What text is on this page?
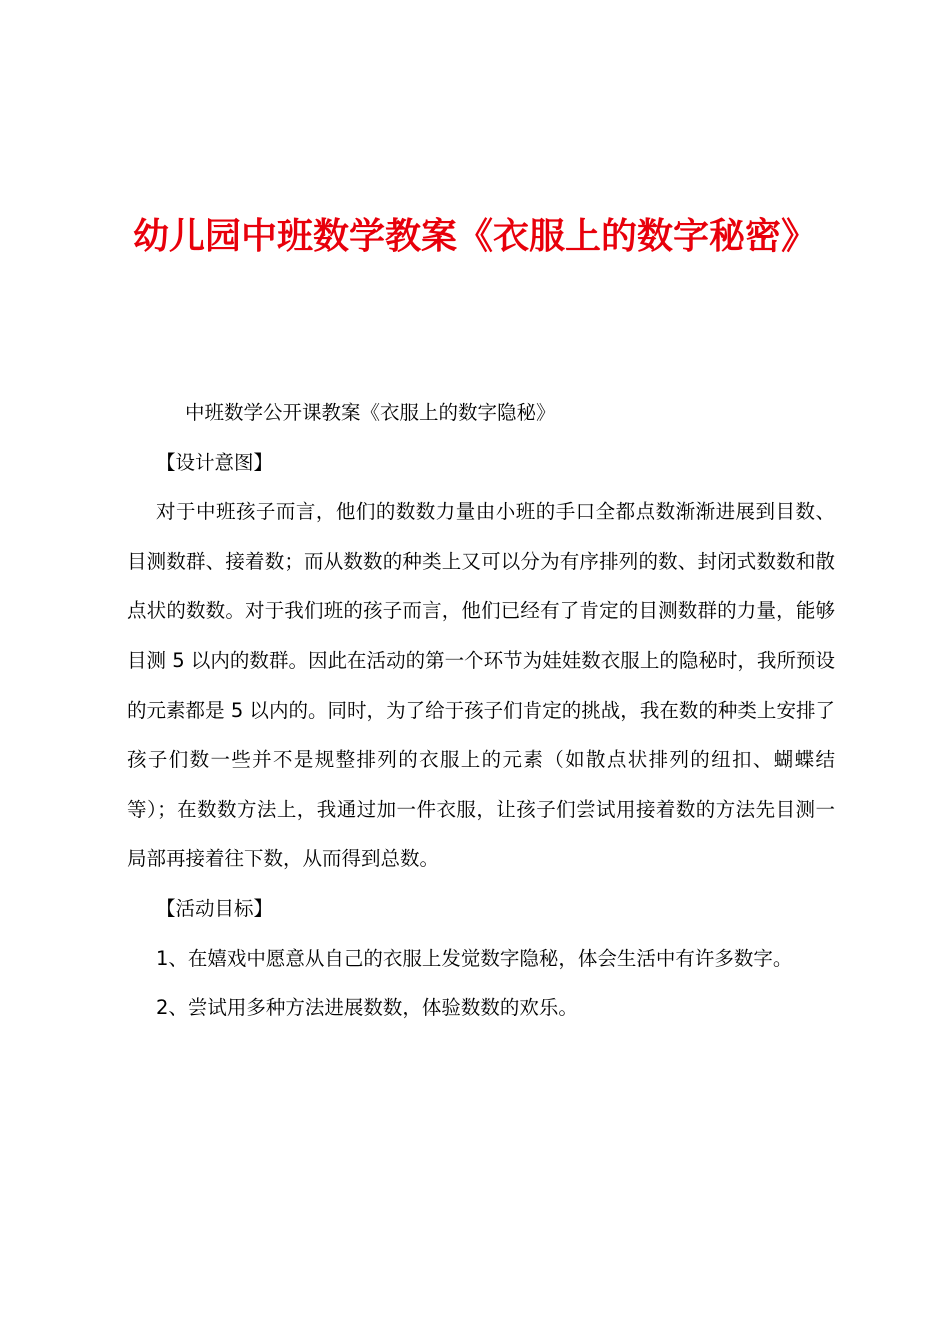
幼儿园中班数学教案《衣服上的数字秘密》

中班数学公开课教案《衣服上的数字隐秘》

【设计意图】

对于中班孩子而言，他们的数数力量由小班的手口全都点数渐渐进展到目数、目测数群、接着数；而从数数的种类上又可以分为有序排列的数、封闭式数数和散点状的数数。对于我们班的孩子而言，他们已经有了肯定的目测数群的力量，能够目测 5 以内的数群。因此在活动的第一个环节为娃娃数衣服上的隐秘时，我所预设的元素都是 5 以内的。同时，为了给于孩子们肯定的挑战，我在数的种类上安排了孩子们数一些并不是规整排列的衣服上的元素（如散点状排列的纽扣、蝴蝶结等）；在数数方法上，我通过加一件衣服，让孩子们尝试用接着数的方法先目测一局部再接着往下数，从而得到总数。

【活动目标】

1、在嬉戏中愿意从自己的衣服上发觉数字隐秘，体会生活中有许多数字。

2、尝试用多种方法进展数数，体验数数的欢乐。
